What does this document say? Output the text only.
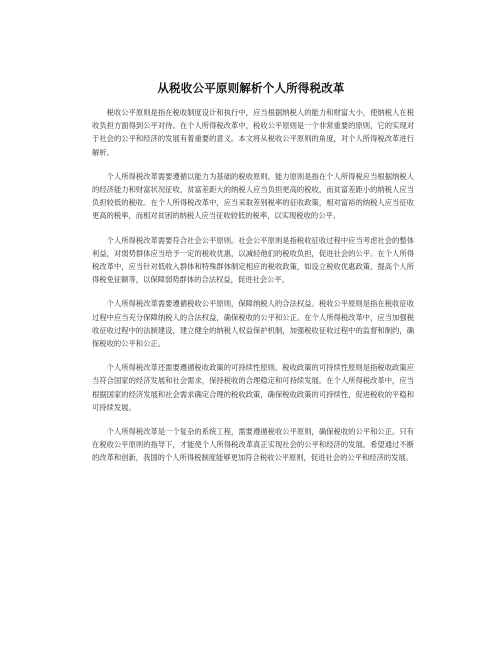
从税收公平原则解析个人所得税改革

税收公平原则是指在税收制度设计和执行中，应当根据纳税人的能力和财富大小，使纳税人在税收负担方面得到公平对待。在个人所得税改革中，税收公平原则是一个非常重要的原则，它的实现对于社会的公平和经济的发展有着重要的意义。本文将从税收公平原则的角度，对个人所得税改革进行解析。

个人所得税改革需要遵循以能力为基础的税收原则。能力原则是指在个人所得税应当根据纳税人的经济能力和财富状况征收，贫富差距大的纳税人应当负担更高的税收，而贫富差距小的纳税人应当负担较低的税收。在个人所得税改革中，应当采取差别税率的征收政策，相对富裕的纳税人应当征收更高的税率，而相对贫困的纳税人应当征收较低的税率，以实现税收的公平。

个人所得税改革需要符合社会公平原则。社会公平原则是指税收征收过程中应当考虑社会的整体利益，对弱势群体应当给予一定的税收优惠，以减轻他们的税收负担，促进社会的公平。在个人所得税改革中，应当针对低收入群体和特殊群体制定相应的税收政策，如设立税收优惠政策、提高个人所得税免征额等，以保障弱势群体的合法权益，促进社会公平。

个人所得税改革需要遵循税收公平原则，保障纳税人的合法权益。税收公平原则是指在税收征收过程中应当充分保障纳税人的合法权益，确保税收的公平和公正。在个人所得税改革中，应当加强税收征收过程中的法制建设，建立健全的纳税人权益保护机制，加强税收征收过程中的监督和制约，确保税收的公平和公正。

个人所得税改革还需要遵循税收政策的可持续性原则。税收政策的可持续性原则是指税收政策应当符合国家的经济发展和社会需求，保持税收的合理稳定和可持续发展。在个人所得税改革中，应当根据国家的经济发展和社会需求确定合理的税收政策，确保税收政策的可持续性，促进税收的平稳和可持续发展。

个人所得税改革是一个复杂的系统工程，需要遵循税收公平原则，确保税收的公平和公正。只有在税收公平原则的指导下，才能使个人所得税改革真正实现社会的公平和经济的发展。希望通过不断的改革和创新，我国的个人所得税制度能够更加符合税收公平原则，促进社会的公平和经济的发展。
